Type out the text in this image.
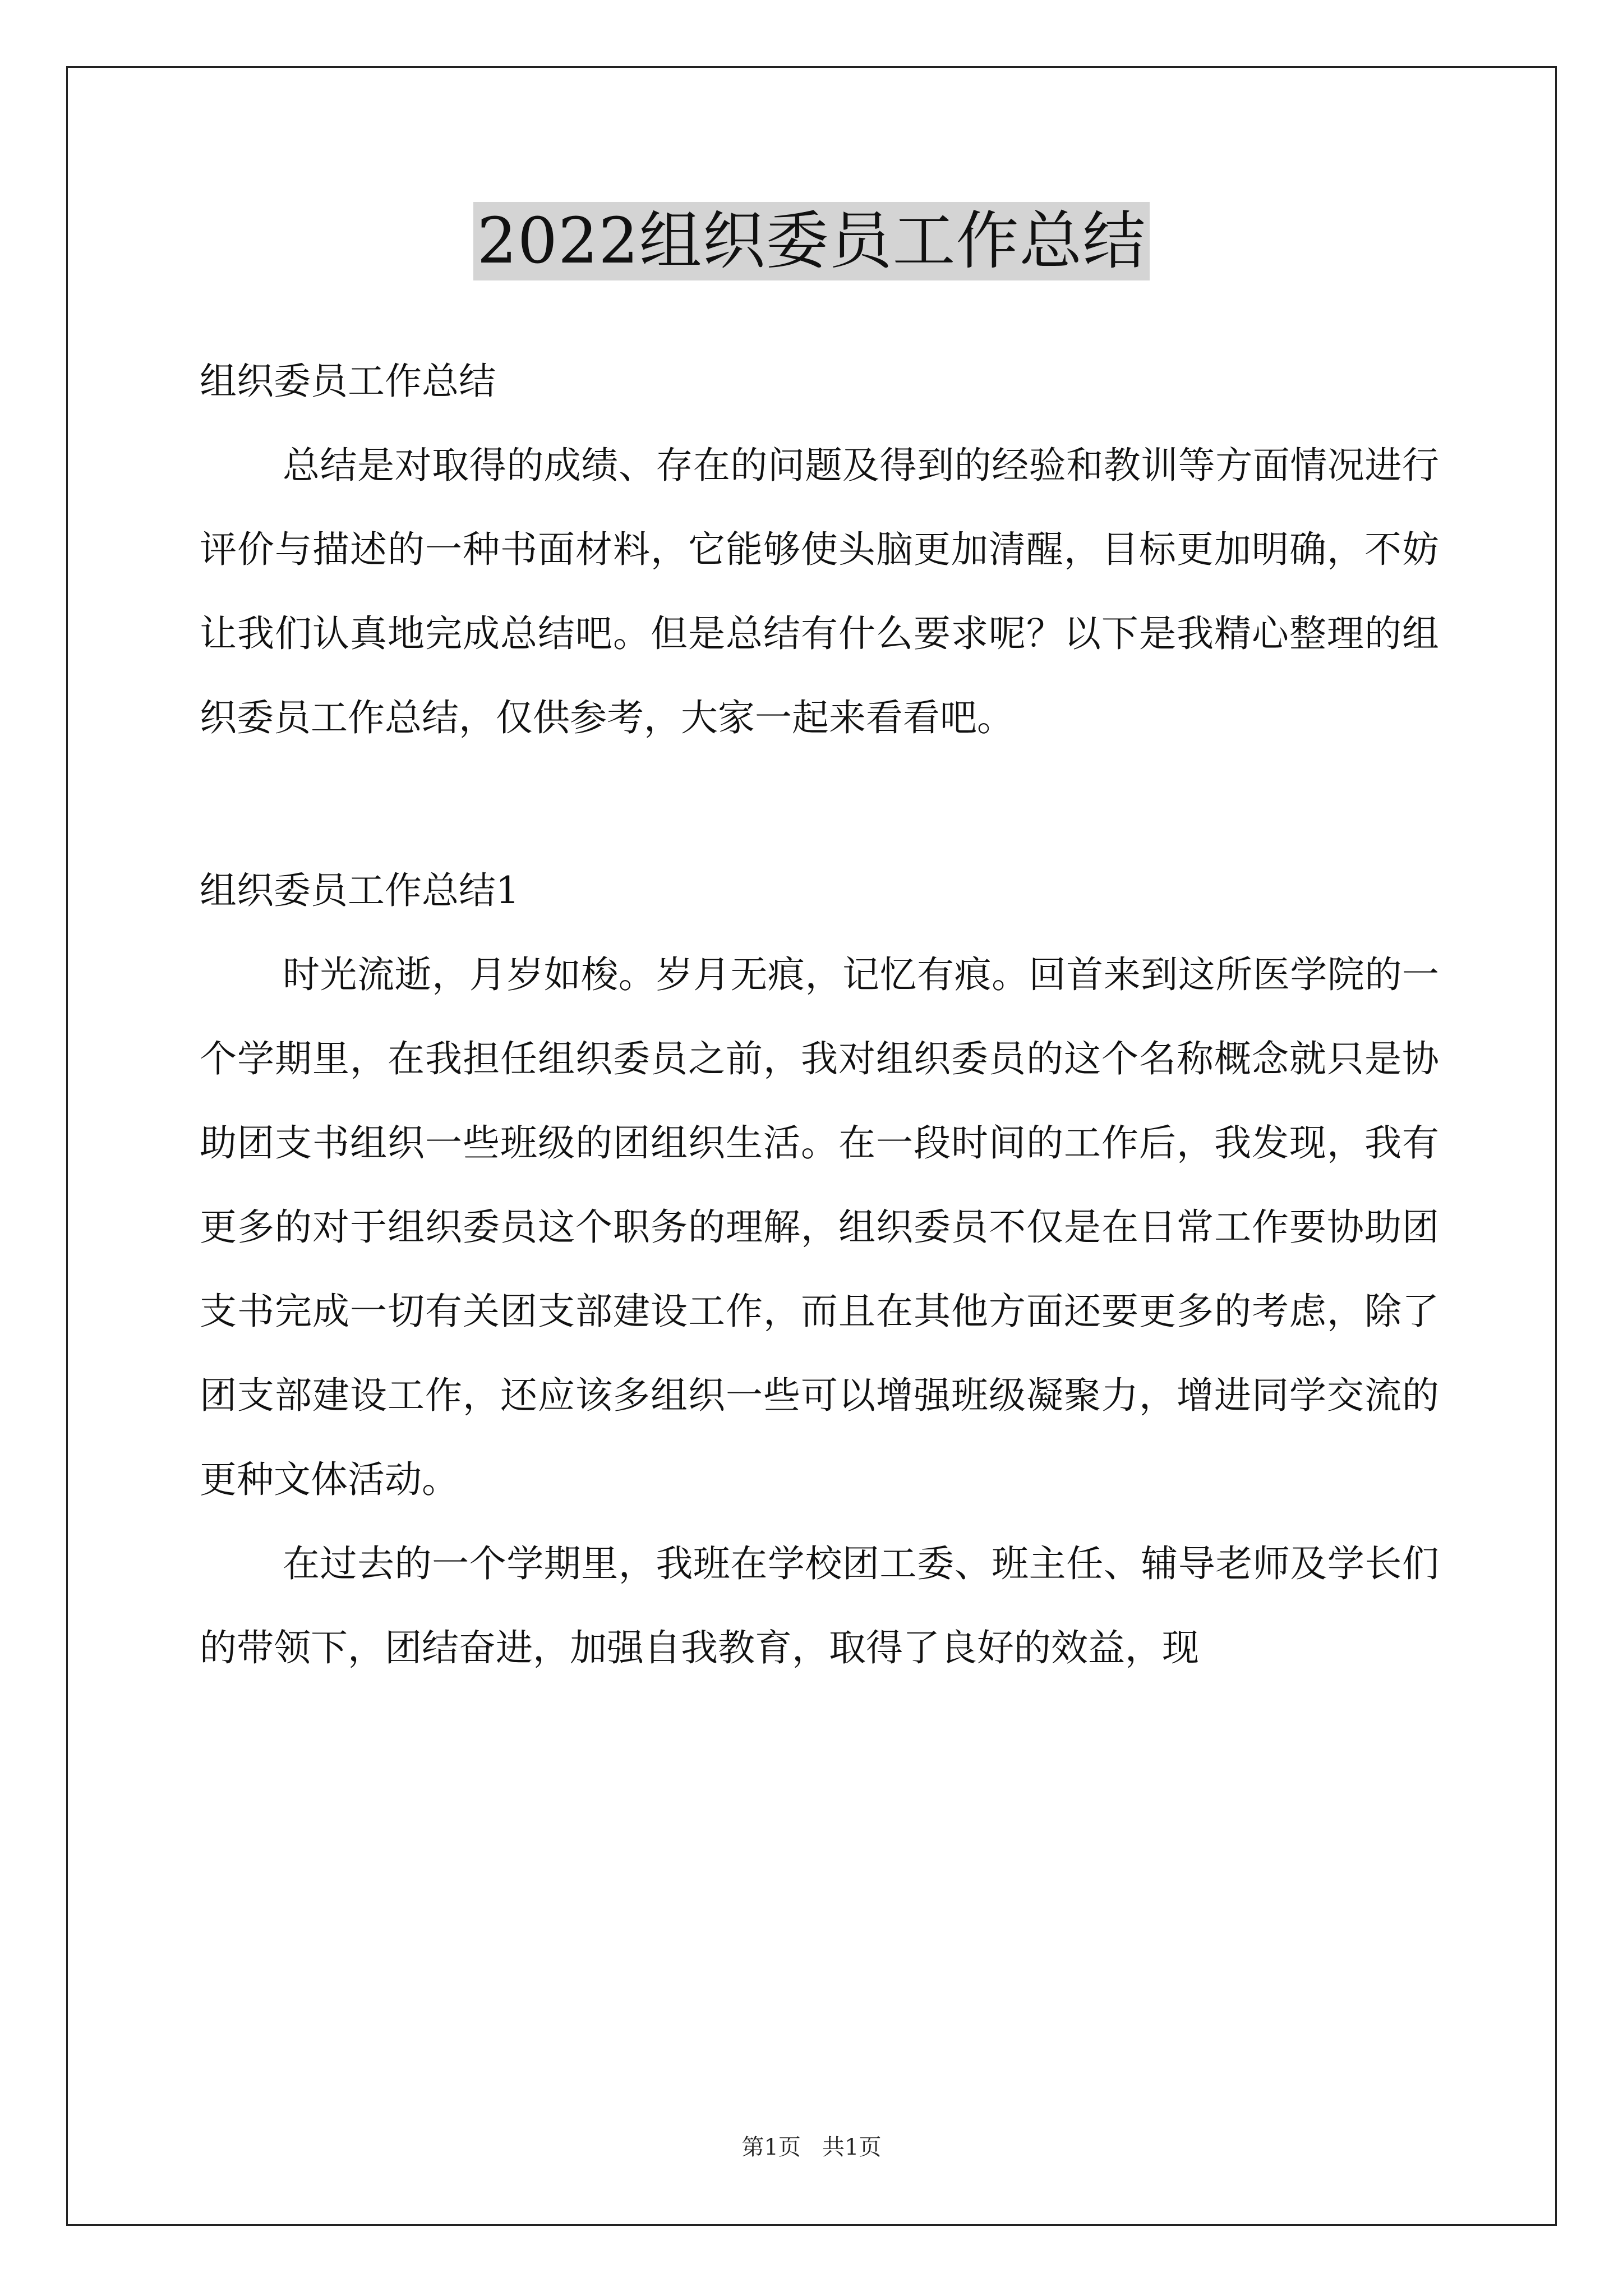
2022组织委员工作总结

组织委员工作总结

总结是对取得的成绩、存在的问题及得到的经验和教训等方面情况进行评价与描述的一种书面材料，它能够使头脑更加清醒，目标更加明确，不妨让我们认真地完成总结吧。但是总结有什么要求呢？以下是我精心整理的组织委员工作总结，仅供参考，大家一起来看看吧。

组织委员工作总结1

时光流逝，月岁如梭。岁月无痕，记忆有痕。回首来到这所医学院的一个学期里，在我担任组织委员之前，我对组织委员的这个名称概念就只是协助团支书组织一些班级的团组织生活。在一段时间的工作后，我发现，我有更多的对于组织委员这个职务的理解，组织委员不仅是在日常工作要协助团支书完成一切有关团支部建设工作，而且在其他方面还要更多的考虑，除了团支部建设工作，还应该多组织一些可以增强班级凝聚力，增进同学交流的更种文体活动。

在过去的一个学期里，我班在学校团工委、班主任、辅导老师及学长们的带领下，团结奋进，加强自我教育，取得了良好的效益，现

第1页   共1页
